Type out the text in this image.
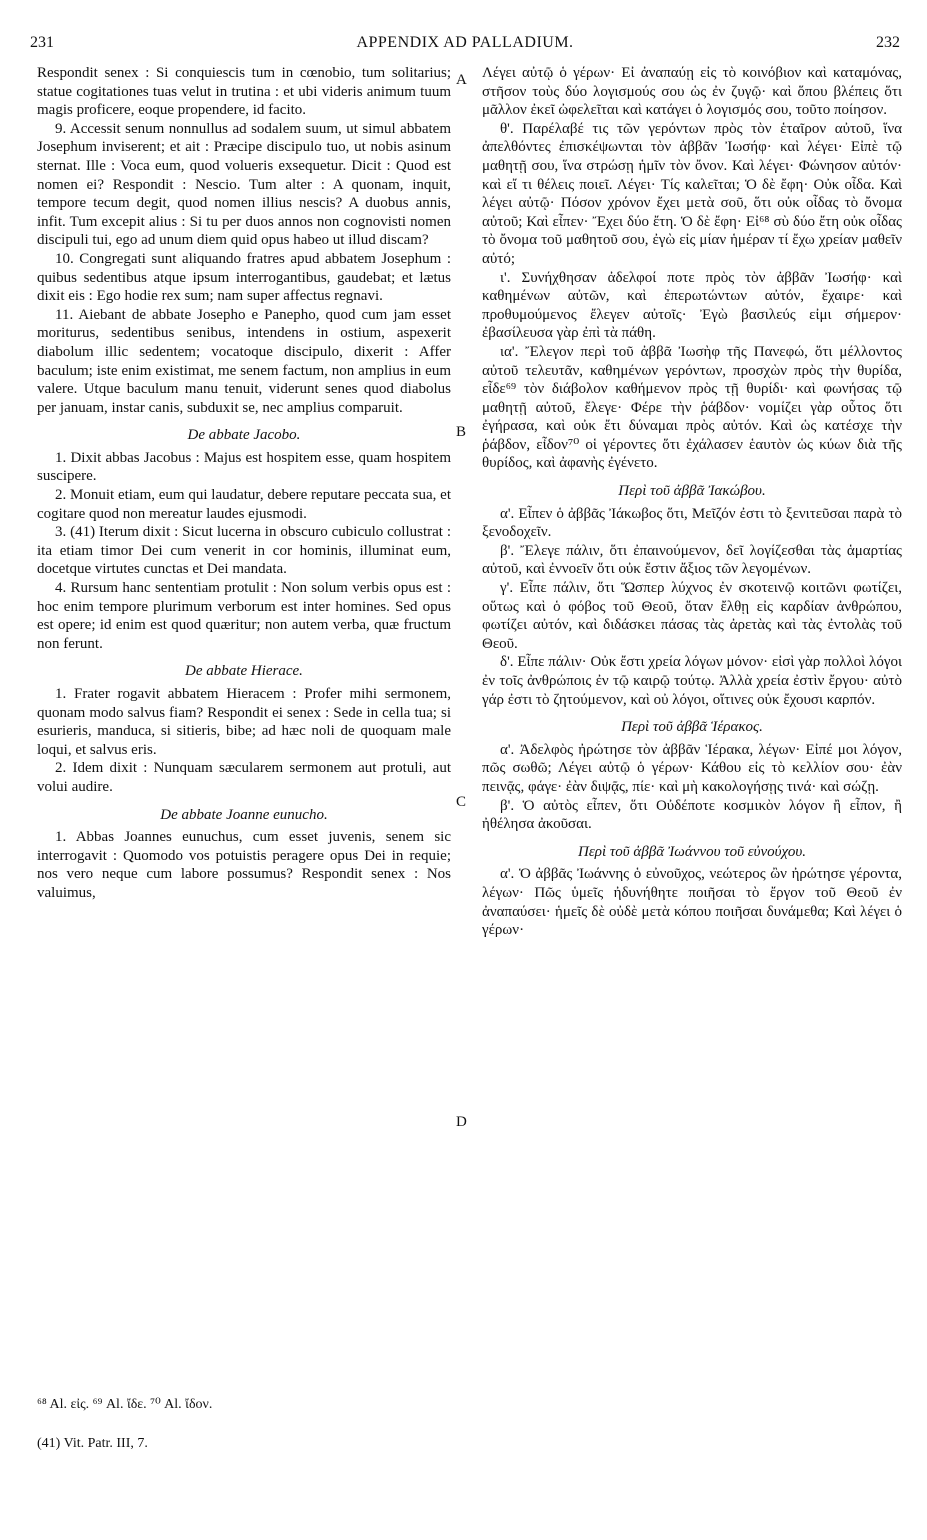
231	APPENDIX AD PALLADIUM.	232

Respondit senex : Si conquiescis tum in cœnobio, tum solitarius; statue cogitationes tuas velut in trutina : et ubi videris animum tuum magis proficere, eoque propendere, id facito.

9. Accessit senum nonnullus ad sodalem suum, ut simul abbatem Josephum inviserent; et ait : Præcipe discipulo tuo, ut nobis asinum sternat. Ille : Voca eum, quod volueris exsequetur. Dicit : Quod est nomen ei? Respondit : Nescio. Tum alter : A quonam, inquit, tempore tecum degit, quod nomen illius nescis? A duobus annis, infit. Tum excepit alius : Si tu per duos annos non cognovisti nomen discipuli tui, ego ad unum diem quid opus habeo ut illud discam?

10. Congregati sunt aliquando fratres apud abbatem Josephum : quibus sedentibus atque ipsum interrogantibus, gaudebat; et lætus dixit eis : Ego hodie rex sum; nam super affectus regnavi.

11. Aiebant de abbate Josepho e Panepho, quod cum jam esset moriturus, sedentibus senibus, intendens in ostium, aspexerit diabolum illic sedentem; vocatoque discipulo, dixerit : Affer baculum; iste enim existimat, me senem factum, non amplius in eum valere. Utque baculum manu tenuit, viderunt senes quod diabolus per januam, instar canis, subduxit se, nec amplius comparuit.

De abbate Jacobo.

1. Dixit abbas Jacobus : Majus est hospitem esse, quam hospitem suscipere.

2. Monuit etiam, eum qui laudatur, debere reputare peccata sua, et cogitare quod non mereatur laudes ejusmodi.

3. (41) Iterum dixit : Sicut lucerna in obscuro cubiculo collustrat : ita etiam timor Dei cum venerit in cor hominis, illuminat eum, docetque virtutes cunctas et Dei mandata.

4. Rursum hanc sententiam protulit : Non solum verbis opus est : hoc enim tempore plurimum verborum est inter homines. Sed opus est opere; id enim est quod quæritur; non autem verba, quæ fructum non ferunt.

De abbate Hierace.

1. Frater rogavit abbatem Hieracem : Profer mihi sermonem, quonam modo salvus fiam? Respondit ei senex : Sede in cella tua; si esurieris, manduca, si sitieris, bibe; ad hæc noli de quoquam male loqui, et salvus eris.

2. Idem dixit : Nunquam sæcularem sermonem aut protuli, aut volui audire.

De abbate Joanne eunucho.

1. Abbas Joannes eunuchus, cum esset juvenis, senem sic interrogavit : Quomodo vos potuistis peragere opus Dei in requie; nos vero neque cum labore possumus? Respondit senex : Nos valuimus,

Λέγει αὐτῷ ὁ γέρων· Εἰ ἀναπαύῃ εἰς τὸ κοινόβιον καὶ καταμόνας, στῆσον τοὺς δύο λογισμούς σου ὡς ἐν ζυγῷ· καὶ ὅπου βλέπεις ὅτι μᾶλλον ἐκεῖ ὠφελεῖται καὶ κατάγει ὁ λογισμός σου, τοῦτο ποίησον.

θ'. Παρέλαβέ τις τῶν γερόντων πρὸς τὸν ἑταῖρον αὐτοῦ, ἵνα ἀπελθόντες ἐπισκέψωνται τὸν ἀββᾶν Ἰωσήφ· καὶ λέγει· Εἰπὲ τῷ μαθητῇ σου, ἵνα στρώσῃ ἡμῖν τὸν ὄνον. Καὶ λέγει· Φώνησον αὐτόν· καὶ εἴ τι θέλεις ποιεῖ. Λέγει· Τίς καλεῖται; Ὁ δὲ ἔφη· Οὐκ οἶδα. Καὶ λέγει αὐτῷ· Πόσον χρόνον ἔχει μετὰ σοῦ, ὅτι οὐκ οἶδας τὸ ὄνομα αὐτοῦ; Καὶ εἶπεν· Ἔχει δύο ἔτη. Ὁ δὲ ἔφη· Εἰ⁶⁸ σὺ δύο ἔτη οὐκ οἶδας τὸ ὄνομα τοῦ μαθητοῦ σου, ἐγὼ εἰς μίαν ἡμέραν τί ἔχω χρείαν μαθεῖν αὐτό;

ι'. Συνήχθησαν ἀδελφοί ποτε πρὸς τὸν ἀββᾶν Ἰωσήφ· καὶ καθημένων αὐτῶν, καὶ ἐπερωτώντων αὐτόν, ἔχαιρε· καὶ προθυμούμενος ἔλεγεν αὐτοῖς· Ἐγὼ βασιλεύς εἰμι σήμερον· ἐβασίλευσα γὰρ ἐπὶ τὰ πάθη.

ια'. Ἔλεγον περὶ τοῦ ἀββᾶ Ἰωσὴφ τῆς Πανεφώ, ὅτι μέλλοντος αὐτοῦ τελευτᾶν, καθημένων γερόντων, προσχὼν πρὸς τὴν θυρίδα, εἶδε⁶⁹ τὸν διάβολον καθήμενον πρὸς τῇ θυρίδι· καὶ φωνήσας τῷ μαθητῇ αὐτοῦ, ἔλεγε· Φέρε τὴν ῥάβδον· νομίζει γὰρ οὗτος ὅτι ἐγήρασα, καὶ οὐκ ἔτι δύναμαι πρὸς αὐτόν. Καὶ ὡς κατέσχε τὴν ῥάβδον, εἶδον⁷⁰ οἱ γέροντες ὅτι ἐχάλασεν ἑαυτὸν ὡς κύων διὰ τῆς θυρίδος, καὶ ἀφανὴς ἐγένετο.

Περὶ τοῦ ἀββᾶ Ἰακώβου.

α'. Εἶπεν ὁ ἀββᾶς Ἰάκωβος ὅτι, Μεῖζόν ἐστι τὸ ξενιτεῦσαι παρὰ τὸ ξενοδοχεῖν.

β'. Ἔλεγε πάλιν, ὅτι ἐπαινούμενον, δεῖ λογίζεσθαι τὰς ἁμαρτίας αὐτοῦ, καὶ ἐννοεῖν ὅτι οὐκ ἔστιν ἄξιος τῶν λεγομένων.

γ'. Εἶπε πάλιν, ὅτι Ὥσπερ λύχνος ἐν σκοτεινῷ κοιτῶνι φωτίζει, οὕτως καὶ ὁ φόβος τοῦ Θεοῦ, ὅταν ἔλθῃ εἰς καρδίαν ἀνθρώπου, φωτίζει αὐτόν, καὶ διδάσκει πάσας τὰς ἀρετὰς καὶ τὰς ἐντολὰς τοῦ Θεοῦ.

δ'. Εἶπε πάλιν· Οὐκ ἔστι χρεία λόγων μόνον· εἰσὶ γὰρ πολλοὶ λόγοι ἐν τοῖς ἀνθρώποις ἐν τῷ καιρῷ τούτῳ. Ἀλλὰ χρεία ἐστὶν ἔργου· αὐτὸ γάρ ἐστι τὸ ζητούμενον, καὶ οὐ λόγοι, οἵτινες οὐκ ἔχουσι καρπόν.

Περὶ τοῦ ἀββᾶ Ἱέρακος.

α'. Ἀδελφὸς ἠρώτησε τὸν ἀββᾶν Ἱέρακα, λέγων· Εἰπέ μοι λόγον, πῶς σωθῶ; Λέγει αὐτῷ ὁ γέρων· Κάθου εἰς τὸ κελλίον σου· ἐὰν πεινᾷς, φάγε· ἐὰν διψᾷς, πίε· καὶ μὴ κακολογήσῃς τινά· καὶ σώζῃ.

β'. Ὁ αὐτὸς εἶπεν, ὅτι Οὐδέποτε κοσμικὸν λόγον ἢ εἶπον, ἢ ἠθέλησα ἀκοῦσαι.

Περὶ τοῦ ἀββᾶ Ἰωάννου τοῦ εὐνούχου.

α'. Ὁ ἀββᾶς Ἰωάννης ὁ εὐνοῦχος, νεώτερος ὢν ἠρώτησε γέροντα, λέγων· Πῶς ὑμεῖς ἠδυνήθητε ποιῆσαι τὸ ἔργον τοῦ Θεοῦ ἐν ἀναπαύσει· ἡμεῖς δὲ οὐδὲ μετὰ κόπου ποιῆσαι δυνάμεθα; Καὶ λέγει ὁ γέρων·

A
B
C
D
⁶⁸ Al. εἰς. ⁶⁹ Al. ἴδε. ⁷⁰ Al. ἴδον.
(41) Vit. Patr. III, 7.
